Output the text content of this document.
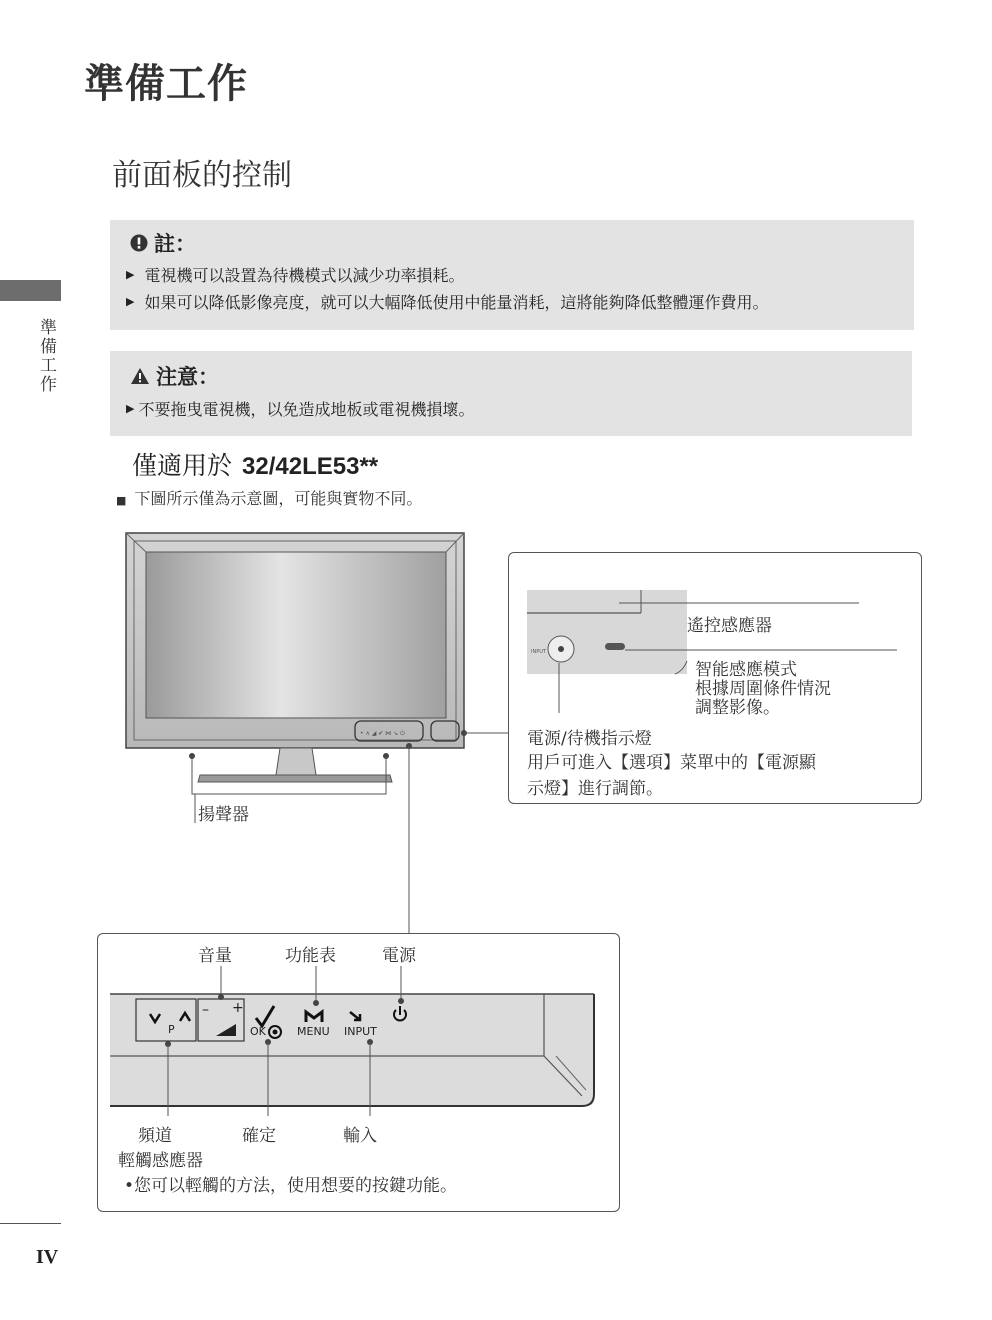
準備工作
前面板的控制
準備工作
註：
▶ 電視機可以設置為待機模式以減少功率損耗。
▶ 如果可以降低影像亮度，就可以大幅降低使用中能量消耗，這將能夠降低整體運作費用。
注意：
▶ 不要拖曳電視機，以免造成地板或電視機損壞。
僅適用於 32/42LE53**
■ 下圖所示僅為示意圖，可能與實物不同。
• ∧ ◢ ✔ ⋈ ↘ ⏻
INPUT
遙控感應器
智能感應模式
根據周圍條件情況
調整影像。
電源/待機指示燈
用戶可進入【選項】菜單中的【電源顯
示燈】進行調節。
揚聲器
P
– +
OK	MENU INPUT
音量	功能表	電源
頻道	確定	輸入
輕觸感應器
•您可以輕觸的方法，使用想要的按鍵功能。
IV
